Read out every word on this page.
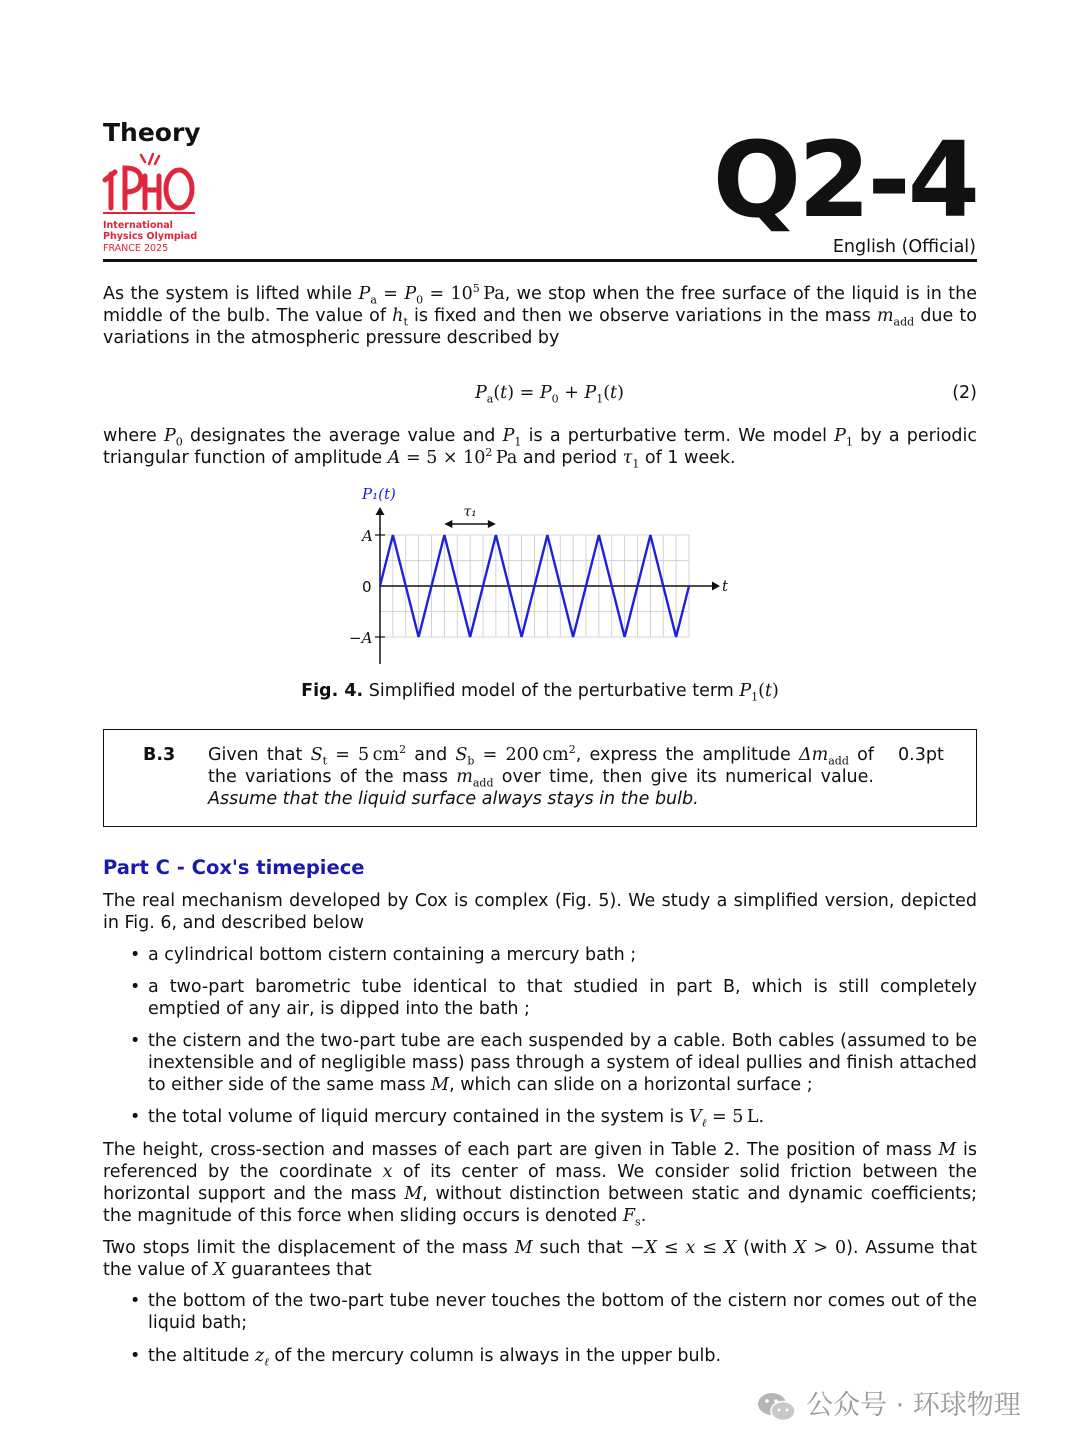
Theory
International
Physics Olympiad
FRANCE 2025
Q2-4
English (Official)
As the system is lifted while $P_a = P_0 = 10^5$ Pa, we stop when the free surface of the liquid is in the middle of the bulb. The value of $h_t$ is fixed and then we observe variations in the mass $m_{add}$ due to variations in the atmospheric pressure described by
$P_a(t) = P_0 + P_1(t)$	(2)
where $P_0$ designates the average value and $P_1$ is a perturbative term. We model $P_1$ by a periodic triangular function of amplitude $A = 5 \times 10^2$ Pa and period $\tau_1$ of 1 week.
P₁(t)
t
A
0
−A
τ₁
Fig. 4. Simplified model of the perturbative term $P_1(t)$
B.3 Given that $S_t = 5$ $cm^2$ and $S_b = 200$ $cm^2$, express the amplitude $\Delta m_{add}$ of the variations of the mass $m_{add}$ over time, then give its numerical value. Assume that the liquid surface always stays in the bulb.
0.3pt
Part C - Cox's timepiece
The real mechanism developed by Cox is complex (Fig. 5). We study a simplified version, depicted in Fig. 6, and described below
• a cylindrical bottom cistern containing a mercury bath ;
• a two-part barometric tube identical to that studied in part B, which is still completely emptied of any air, is dipped into the bath ;
• the cistern and the two-part tube are each suspended by a cable. Both cables (assumed to be inextensible and of negligible mass) pass through a system of ideal pullies and finish attached to either side of the same mass M, which can slide on a horizontal surface ;
• the total volume of liquid mercury contained in the system is $V_\ell = 5$ L.
The height, cross-section and masses of each part are given in Table 2. The position of mass M is referenced by the coordinate x of its center of mass. We consider solid friction between the horizontal support and the mass M, without distinction between static and dynamic coefficients; the magnitude of this force when sliding occurs is denoted $F_s$.
Two stops limit the displacement of the mass M such that −X ≤ x ≤ X (with X > 0). Assume that the value of X guarantees that
• the bottom of the two-part tube never touches the bottom of the cistern nor comes out of the liquid bath;
• the altitude $z_\ell$ of the mercury column is always in the upper bulb.
公众号 · 环球物理
